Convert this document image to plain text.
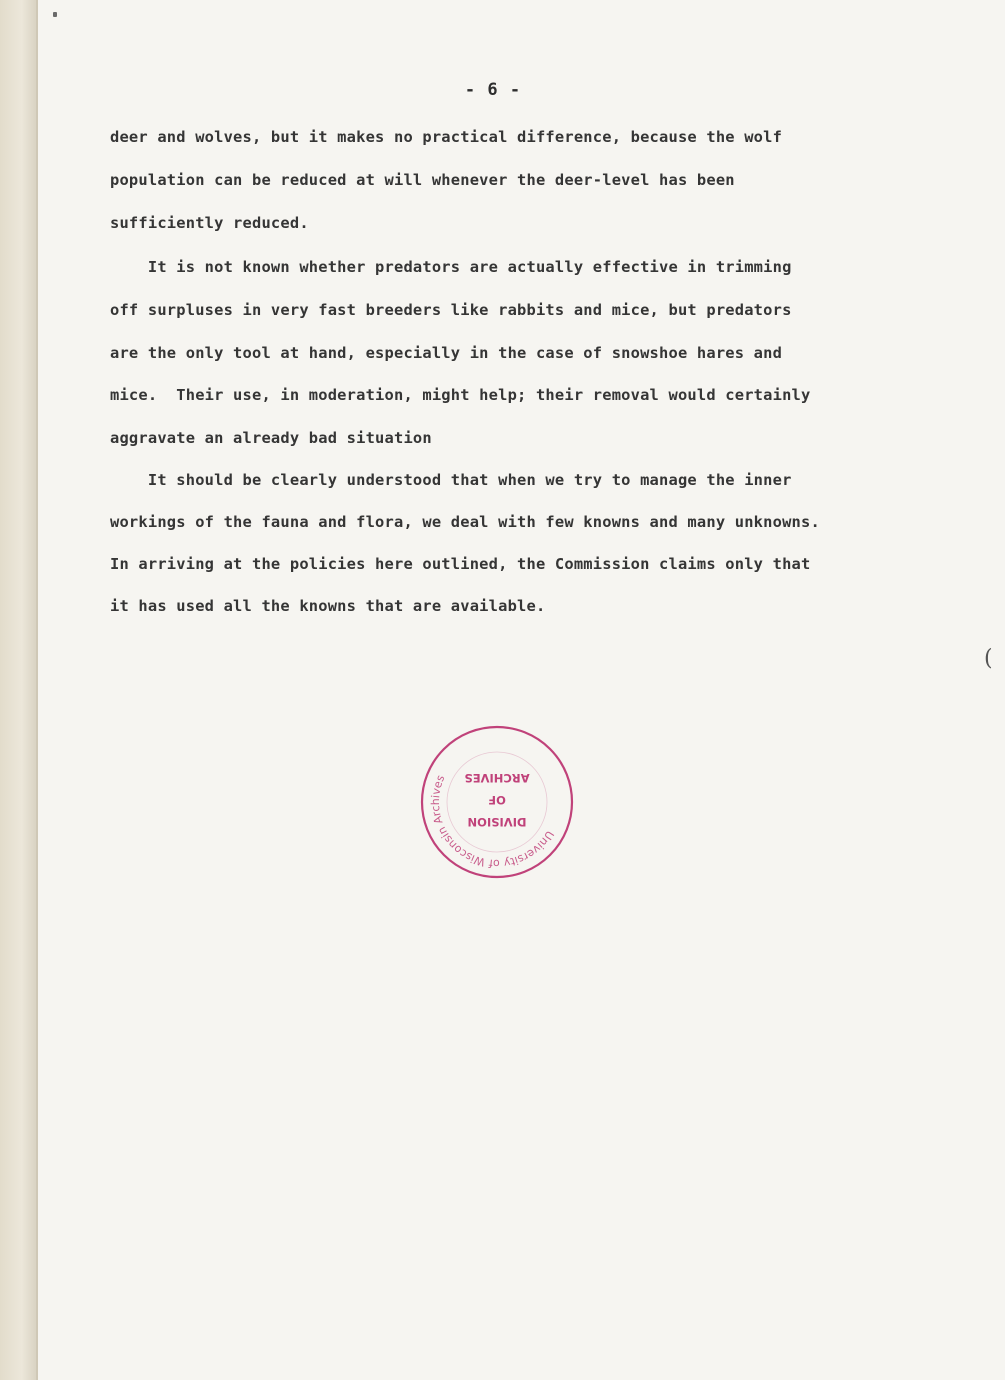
- 6 -
deer and wolves, but it makes no practical difference, because the wolf
population can be reduced at will whenever the deer-level has been
sufficiently reduced.
It is not known whether predators are actually effective in trimming
off surpluses in very fast breeders like rabbits and mice, but predators
are the only tool at hand, especially in the case of snowshoe hares and
mice.  Their use, in moderation, might help; their removal would certainly
aggravate an already bad situation
It should be clearly understood that when we try to manage the inner
workings of the fauna and flora, we deal with few knowns and many unknowns.
In arriving at the policies here outlined, the Commission claims only that
it has used all the knowns that are available.
(
University of Wisconsin Archives
DIVISION
OF
ARCHIVES
